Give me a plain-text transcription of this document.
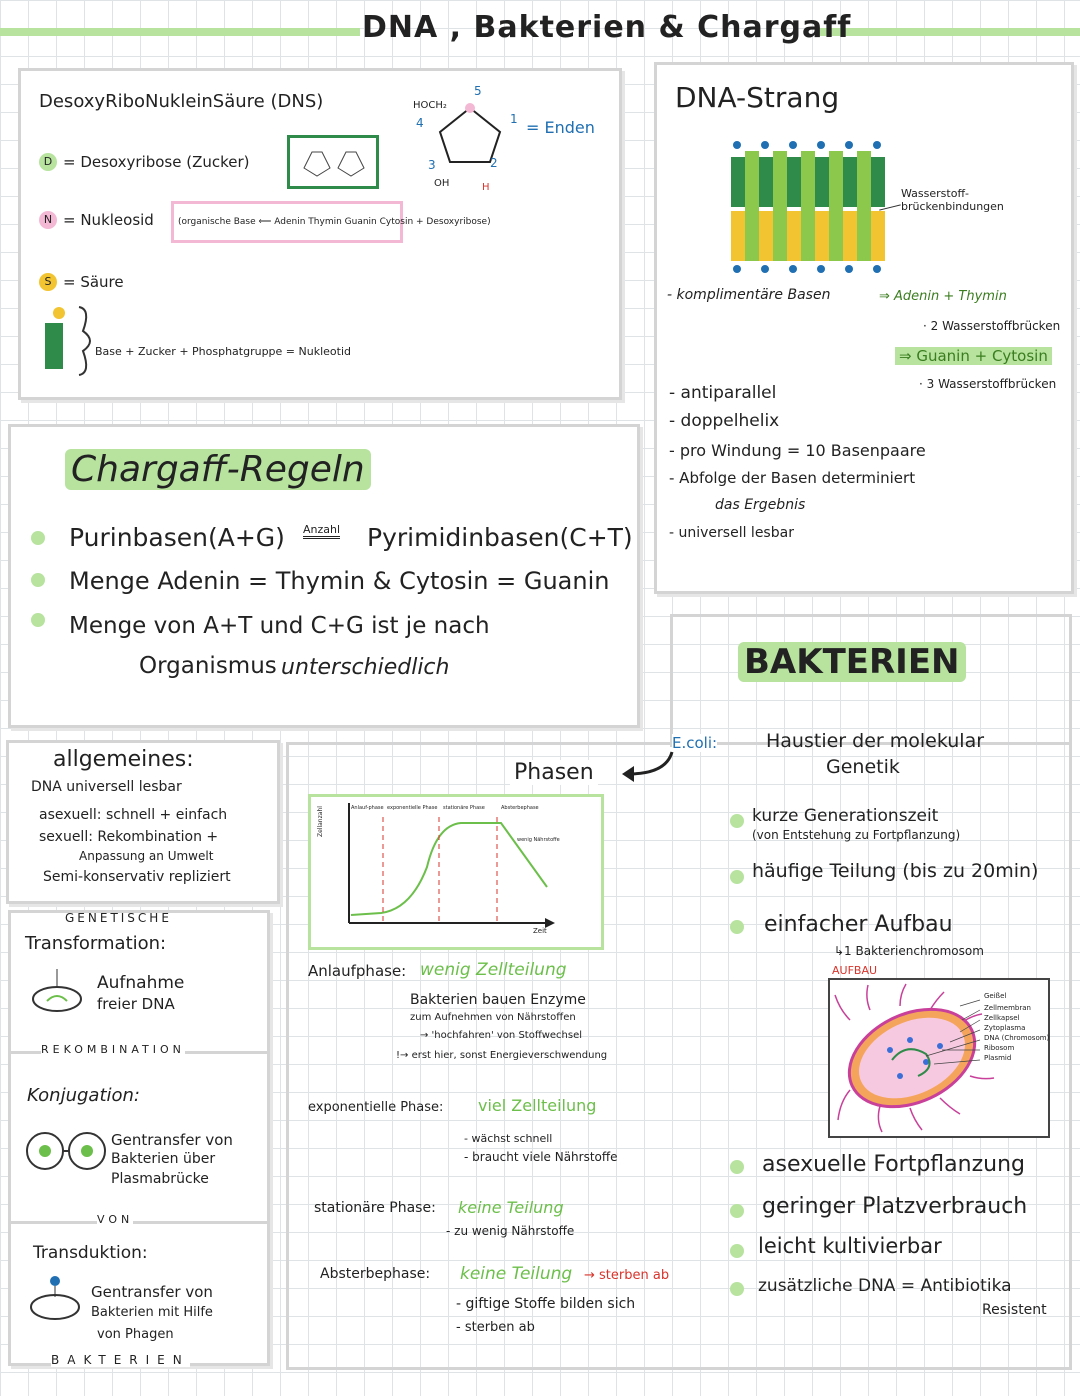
DNA , Bakterien & Chargaff
DesoxyRiboNukleinSäure (DNS)
D = Desoxyribose (Zucker)
N = Nukleosid	(organische Base ⟸ Adenin Thymin Guanin Cytosin + Desoxyribose)
S = Säure
Base + Zucker + Phosphatgruppe = Nukleotid
HOCH₂
5
4	1
3	2
OH	H
= Enden
DNA-Strang
Wasserstoff-brückenbindungen
- komplimentäre Basen	⇒ Adenin + Thymin
· 2 Wasserstoffbrücken
⇒ Guanin + Cytosin
· 3 Wasserstoffbrücken
- antiparallel
- doppelhelix
- pro Windung = 10 Basenpaare
- Abfolge der Basen determiniert
das Ergebnis
- universell lesbar
Chargaff-Regeln
Purinbasen(A+G) Anzahl Pyrimidinbasen(C+T)
Menge Adenin = Thymin & Cytosin = Guanin
Menge von A+T und C+G ist je nach
Organismus unterschiedlich
allgemeines:
DNA universell lesbar
asexuell: schnell + einfach
sexuell: Rekombination +
Anpassung an Umwelt
Semi-konservativ repliziert
GENETISCHE
Transformation:
Aufnahme
freier DNA
REKOMBINATION
Konjugation:
Gentransfer von
Bakterien über
Plasmabrücke
VON
Transduktion:
Gentransfer von
Bakterien mit Hilfe
von Phagen
BAKTERIEN
BAKTERIEN
E.coli:	Haustier der molekular
Genetik
kurze Generationszeit
(von Entstehung zu Fortpflanzung)
häufige Teilung (bis zu 20min)
einfacher Aufbau
↳1 Bakterienchromosom
AUFBAU
Geißel
Zellmembran
Zellkapsel
Zytoplasma
DNA (Chromosom)
Ribosom
Plasmid
asexuelle Fortpflanzung
geringer Platzverbrauch
leicht kultivierbar
zusätzliche DNA = Antibiotika
Resistent
Phasen
Zellanzahl
Zeit
Anlauf-phase exponentielle Phase stationäre Phase	Absterbephase
wenig Nährstoffe
Anlaufphase: wenig Zellteilung
Bakterien bauen Enzyme
zum Aufnehmen von Nährstoffen
→ 'hochfahren' von Stoffwechsel
!→ erst hier, sonst Energieverschwendung
exponentielle Phase: viel Zellteilung
- wächst schnell
- braucht viele Nährstoffe
stationäre Phase: keine Teilung
- zu wenig Nährstoffe
Absterbephase: keine Teilung → sterben ab
- giftige Stoffe bilden sich
- sterben ab
